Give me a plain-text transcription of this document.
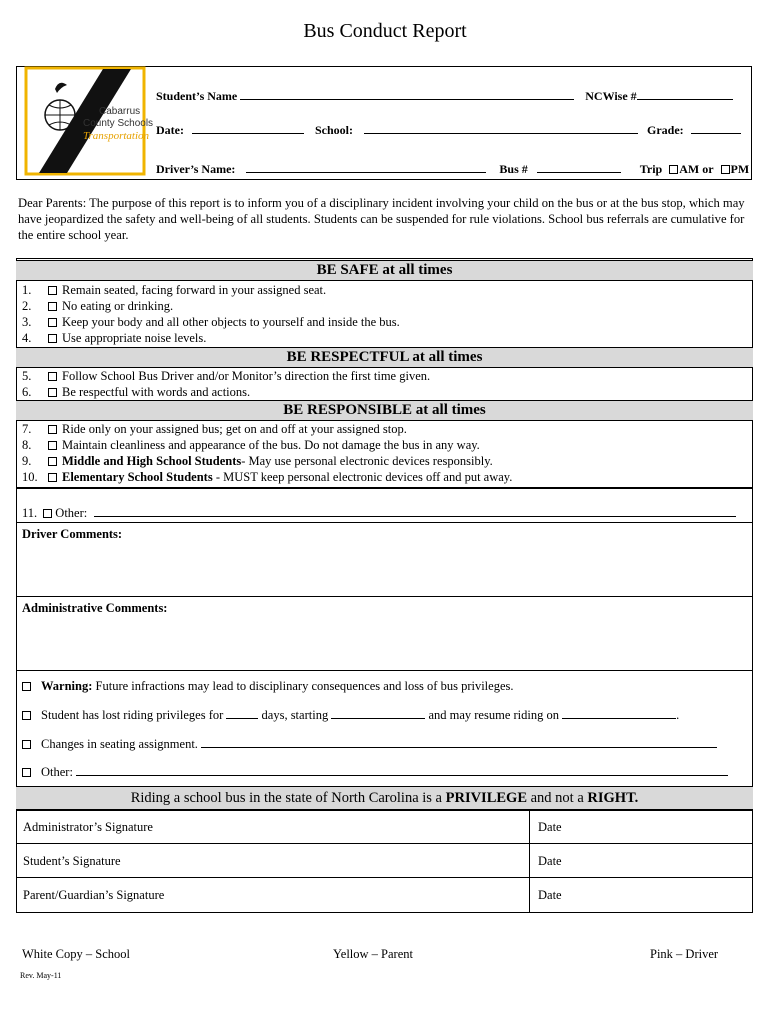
Bus Conduct Report
Cabarrus
County Schools
Transportation
Student’s Name	NCWise #
Date:	School:	Grade:
Driver’s Name:	Bus #	Trip AM or PM
Dear Parents: The purpose of this report is to inform you of a disciplinary incident involving your child on the bus or at the bus stop, which may have jeopardized the safety and well-being of all students. Students can be suspended for rule violations. School bus referrals are cumulative for the entire school year.
BE SAFE at all times
1. Remain seated, facing forward in your assigned seat.
2. No eating or drinking.
3. Keep your body and all other objects to yourself and inside the bus.
4. Use appropriate noise levels.
BE RESPECTFUL at all times
5. Follow School Bus Driver and/or Monitor’s direction the first time given.
6. Be respectful with words and actions.
BE RESPONSIBLE at all times
7. Ride only on your assigned bus; get on and off at your assigned stop.
8. Maintain cleanliness and appearance of the bus. Do not damage the bus in any way.
9. Middle and High School Students- May use personal electronic devices responsibly.
10. Elementary School Students - MUST keep personal electronic devices off and put away.
11. Other:
Driver Comments:
Administrative Comments:
Warning: Future infractions may lead to disciplinary consequences and loss of bus privileges.
Student has lost riding privileges for	days, starting	and may resume riding on	.
Changes in seating assignment.
Other:
Riding a school bus in the state of North Carolina is a PRIVILEGE and not a RIGHT.
Administrator’s Signature	Date
Student’s Signature	Date
Parent/Guardian’s Signature	Date
White Copy – School	Yellow – Parent	Pink – Driver
Rev. May-11
